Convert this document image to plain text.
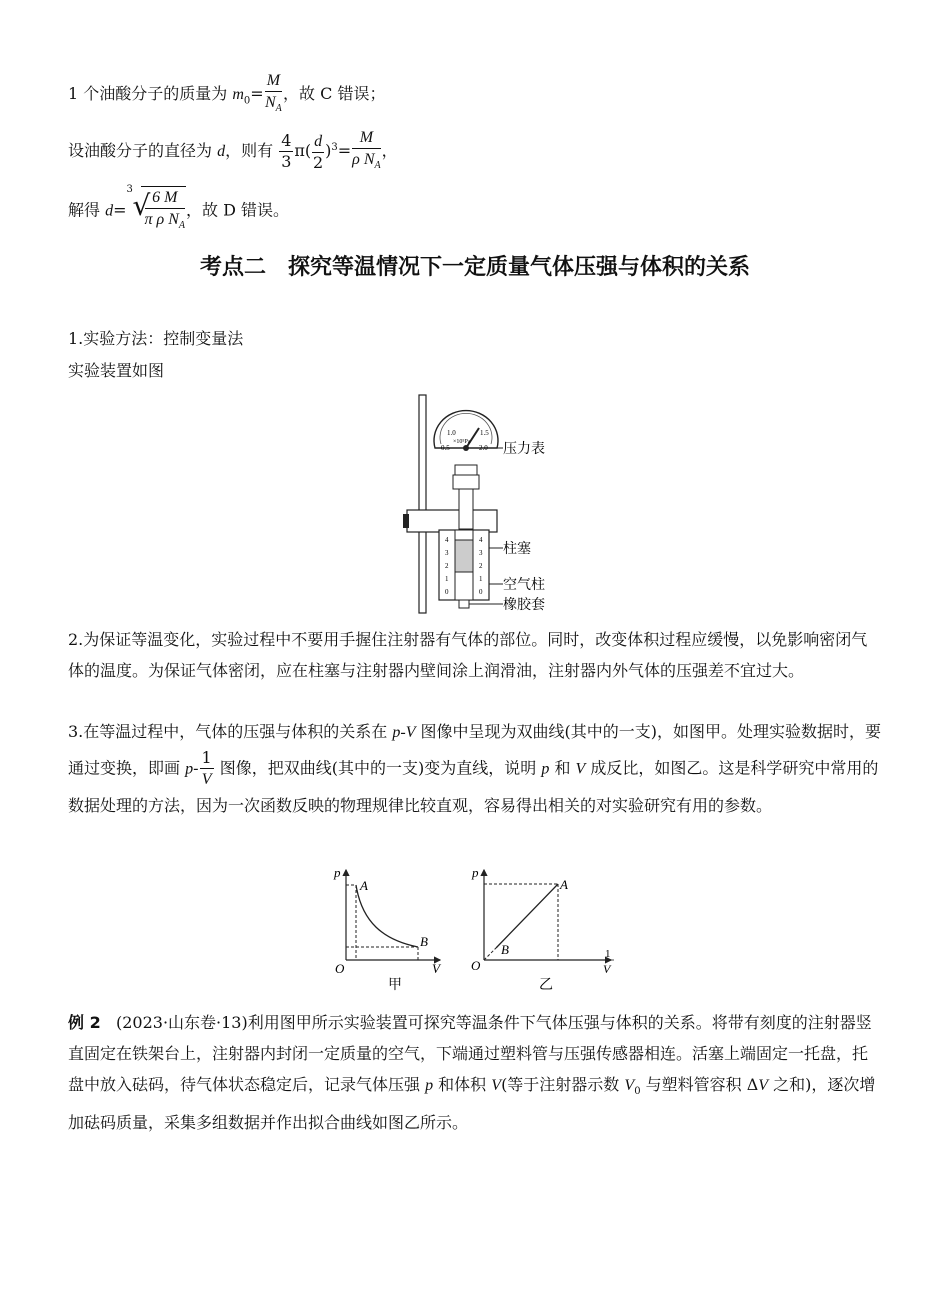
1 个油酸分子的质量为 $m_0= \frac{M}{N_A}$ ，故 C 错误；
设油酸分子的直径为 d，则有 $\frac{4}{3} \pi( \frac{d}{2} )^3= \frac{M}{\rho N_A}$ ，
解得 d=
3 √
$\frac{6 M}{\pi \rho N_A}$ ，故 D 错误。
考点二　探究等温情况下一定质量气体压强与体积的关系
1.实验方法：控制变量法
实验装置如图
1.0	1.5
×10⁵Pa
0.5	2.0 压力表
柱塞
4
3
2
1
0
4
3
2
1
0 空气柱
橡胶套
2.为保证等温变化，实验过程中不要用手握住注射器有气体的部位。同时，改变体积过程应缓慢，以免影响密闭气体的温度。为保证气体密闭，应在柱塞与注射器内壁间涂上润滑油，注射器内外气体的压强差不宜过大。
3.在等温过程中，气体的压强与体积的关系在 p-V 图像中呈现为双曲线(其中的一支)，如图甲。处理实验数据时，要通过变换，即画 $p- \frac{1}{V}$ 图像，把双曲线(其中的一支)变为直线，说明 p 和 V 成反比，如图乙。这是科学研究中常用的数据处理的方法，因为一次函数反映的物理规律比较直观，容易得出相关的对实验研究有用的参数。
p
V
O
A
B
甲
p
1
V
O
A
B
乙
例 2 (2023·山东卷·13)利用图甲所示实验装置可探究等温条件下气体压强与体积的关系。将带有刻度的注射器竖直固定在铁架台上，注射器内封闭一定质量的空气，下端通过塑料管与压强传感器相连。活塞上端固定一托盘，托盘中放入砝码，待气体状态稳定后，记录气体压强 p 和体积 V(等于注射器示数 $V_0$ 与塑料管容积 ΔV 之和)，逐次增加砝码质量，采集多组数据并作出拟合曲线如图乙所示。
